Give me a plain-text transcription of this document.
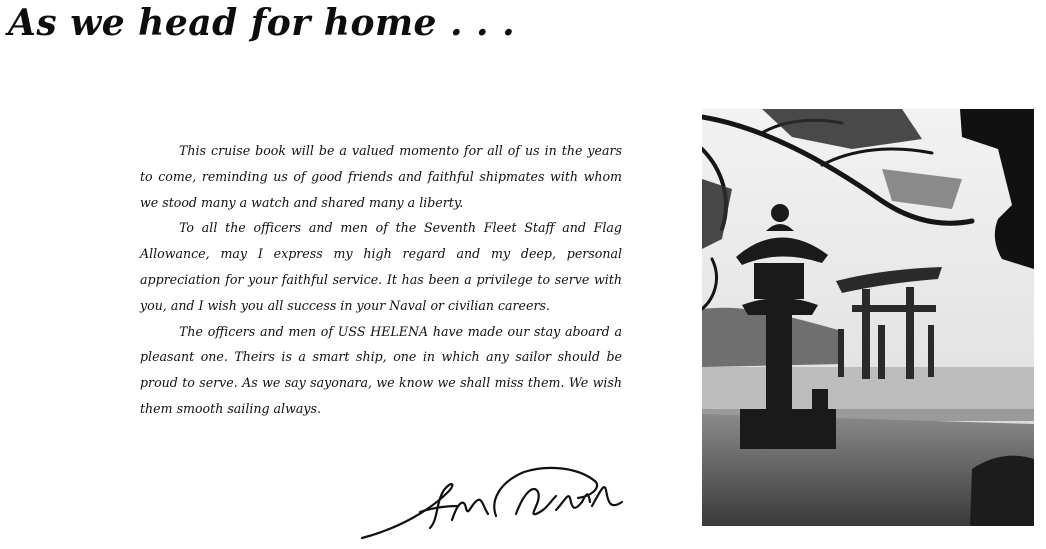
As we head for home . . .

This cruise book will be a valued momento for all of us in the years to come, reminding us of good friends and faithful shipmates with whom we stood many a watch and shared many a liberty.

To all the officers and men of the Seventh Fleet Staff and Flag Allowance, may I express my high regard and my deep, personal appreciation for your faithful service. It has been a privilege to serve with you, and I wish you all success in your Naval or civilian careers.

The officers and men of USS HELENA have made our stay aboard a pleasant one. Theirs is a smart ship, one in which any sailor should be proud to serve. As we say sayonara, we know we shall miss them. We wish them smooth sailing always.
